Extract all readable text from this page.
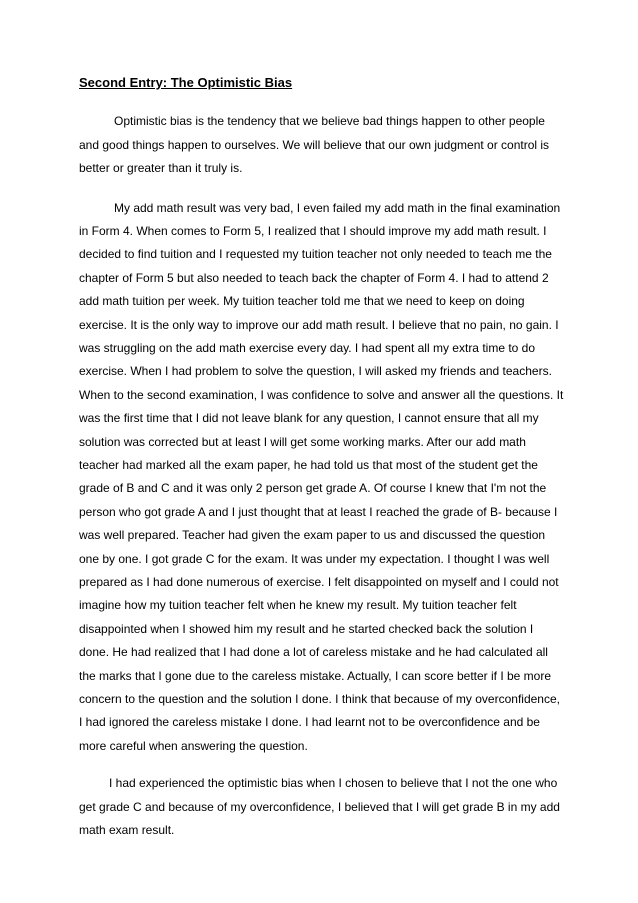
Second Entry: The Optimistic Bias

Optimistic bias is the tendency that we believe bad things happen to other people and good things happen to ourselves. We will believe that our own judgment or control is better or greater than it truly is.

My add math result was very bad, I even failed my add math in the final examination in Form 4. When comes to Form 5, I realized that I should improve my add math result. I decided to find tuition and I requested my tuition teacher not only needed to teach me the chapter of Form 5 but also needed to teach back the chapter of Form 4. I had to attend 2 add math tuition per week. My tuition teacher told me that we need to keep on doing exercise. It is the only way to improve our add math result. I believe that no pain, no gain. I was struggling on the add math exercise every day. I had spent all my extra time to do exercise. When I had problem to solve the question, I will asked my friends and teachers. When to the second examination, I was confidence to solve and answer all the questions. It was the first time that I did not leave blank for any question, I cannot ensure that all my solution was corrected but at least I will get some working marks. After our add math teacher had marked all the exam paper, he had told us that most of the student get the grade of B and C and it was only 2 person get grade A. Of course I knew that I'm not the person who got grade A and I just thought that at least I reached the grade of B- because I was well prepared. Teacher had given the exam paper to us and discussed the question one by one. I got grade C for the exam. It was under my expectation. I thought I was well prepared as I had done numerous of exercise. I felt disappointed on myself and I could not imagine how my tuition teacher felt when he knew my result. My tuition teacher felt disappointed when I showed him my result and he started checked back the solution I done. He had realized that I had done a lot of careless mistake and he had calculated all the marks that I gone due to the careless mistake. Actually, I can score better if I be more concern to the question and the solution I done. I think that because of my overconfidence, I had ignored the careless mistake I done. I had learnt not to be overconfidence and be more careful when answering the question.

I had experienced the optimistic bias when I chosen to believe that I not the one who get grade C and because of my overconfidence, I believed that I will get grade B in my add math exam result.
